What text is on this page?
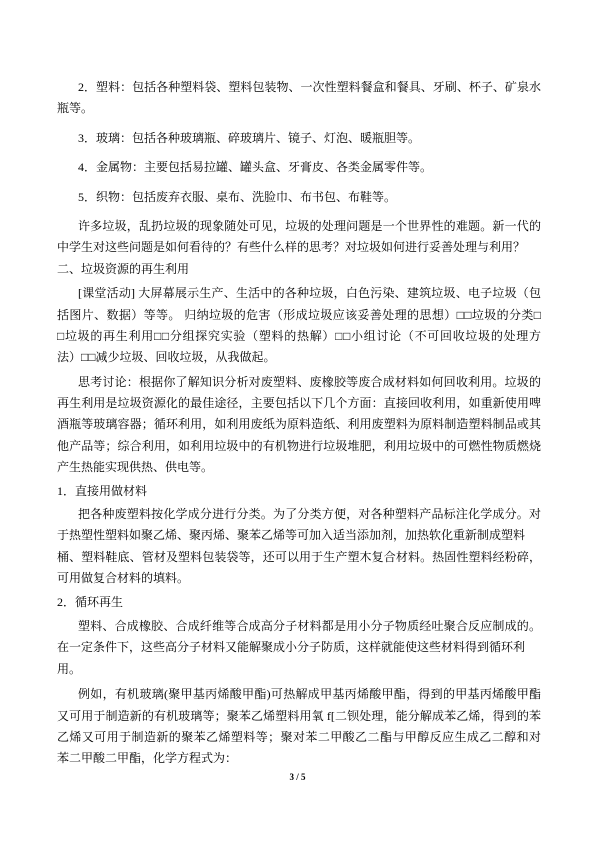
2．塑料：包括各种塑料袋、塑料包装物、一次性塑料餐盒和餐具、牙刷、杯子、矿泉水
瓶等。
3．玻璃：包括各种玻璃瓶、碎玻璃片、镜子、灯泡、暖瓶胆等。
4．金属物：主要包括易拉罐、罐头盒、牙膏皮、各类金属零件等。
5．织物：包括废弃衣服、桌布、洗脸巾、布书包、布鞋等。
许多垃圾，乱扔垃圾的现象随处可见，垃圾的处理问题是一个世界性的难题。新一代的
中学生对这些问题是如何看待的？有些什么样的思考？对垃圾如何进行妥善处理与利用？
二、垃圾资源的再生利用
[课堂活动] 大屏幕展示生产、生活中的各种垃圾，白色污染、建筑垃圾、电子垃圾（包
括图片、数据）等等。 归纳垃圾的危害（形成垃圾应该妥善处理的思想）□□垃圾的分类□
□垃圾的再生利用□□分组探究实验（塑料的热解）□□小组讨论（不可回收垃圾的处理方
法）□□减少垃圾、回收垃圾，从我做起。
思考讨论：根据你了解知识分析对废塑料、废橡胶等废合成材料如何回收利用。垃圾的
再生利用是垃圾资源化的最佳途径，主要包括以下几个方面：直接回收利用，如重新使用啤
酒瓶等玻璃容器；循环利用，如利用废纸为原料造纸、利用废塑料为原料制造塑料制品或其
他产品等；综合利用，如利用垃圾中的有机物进行垃圾堆肥，利用垃圾中的可燃性物质燃烧
产生热能实现供热、供电等。
1．直接用做材料
把各种废塑料按化学成分进行分类。为了分类方便，对各种塑料产品标注化学成分。对
于热塑性塑料如聚乙烯、聚丙烯、聚苯乙烯等可加入适当添加剂，加热软化重新制成塑料
桶、塑料鞋底、管材及塑料包装袋等，还可以用于生产塑木复合材料。热固性塑料经粉碎，
可用做复合材料的填料。
2．循环再生
塑料、合成橡胶、合成纤维等合成高分子材料都是用小分子物质经吐聚合反应制成的。
在一定条件下，这些高分子材料又能解聚成小分子防质，这样就能使这些材料得到循环利
用。
例如，有机玻璃(聚甲基丙烯酸甲酯)可热解成甲基丙烯酸甲酯，得到的甲基丙烯酸甲酯
又可用于制造新的有机玻璃等；聚苯乙烯塑料用氧 f[二钡处理，能分解成苯乙烯，得到的苯
乙烯又可用于制造新的聚苯乙烯塑料等；聚对苯二甲酸乙二酯与甲醇反应生成乙二醇和对
苯二甲酸二甲酯，化学方程式为：
3 / 5
